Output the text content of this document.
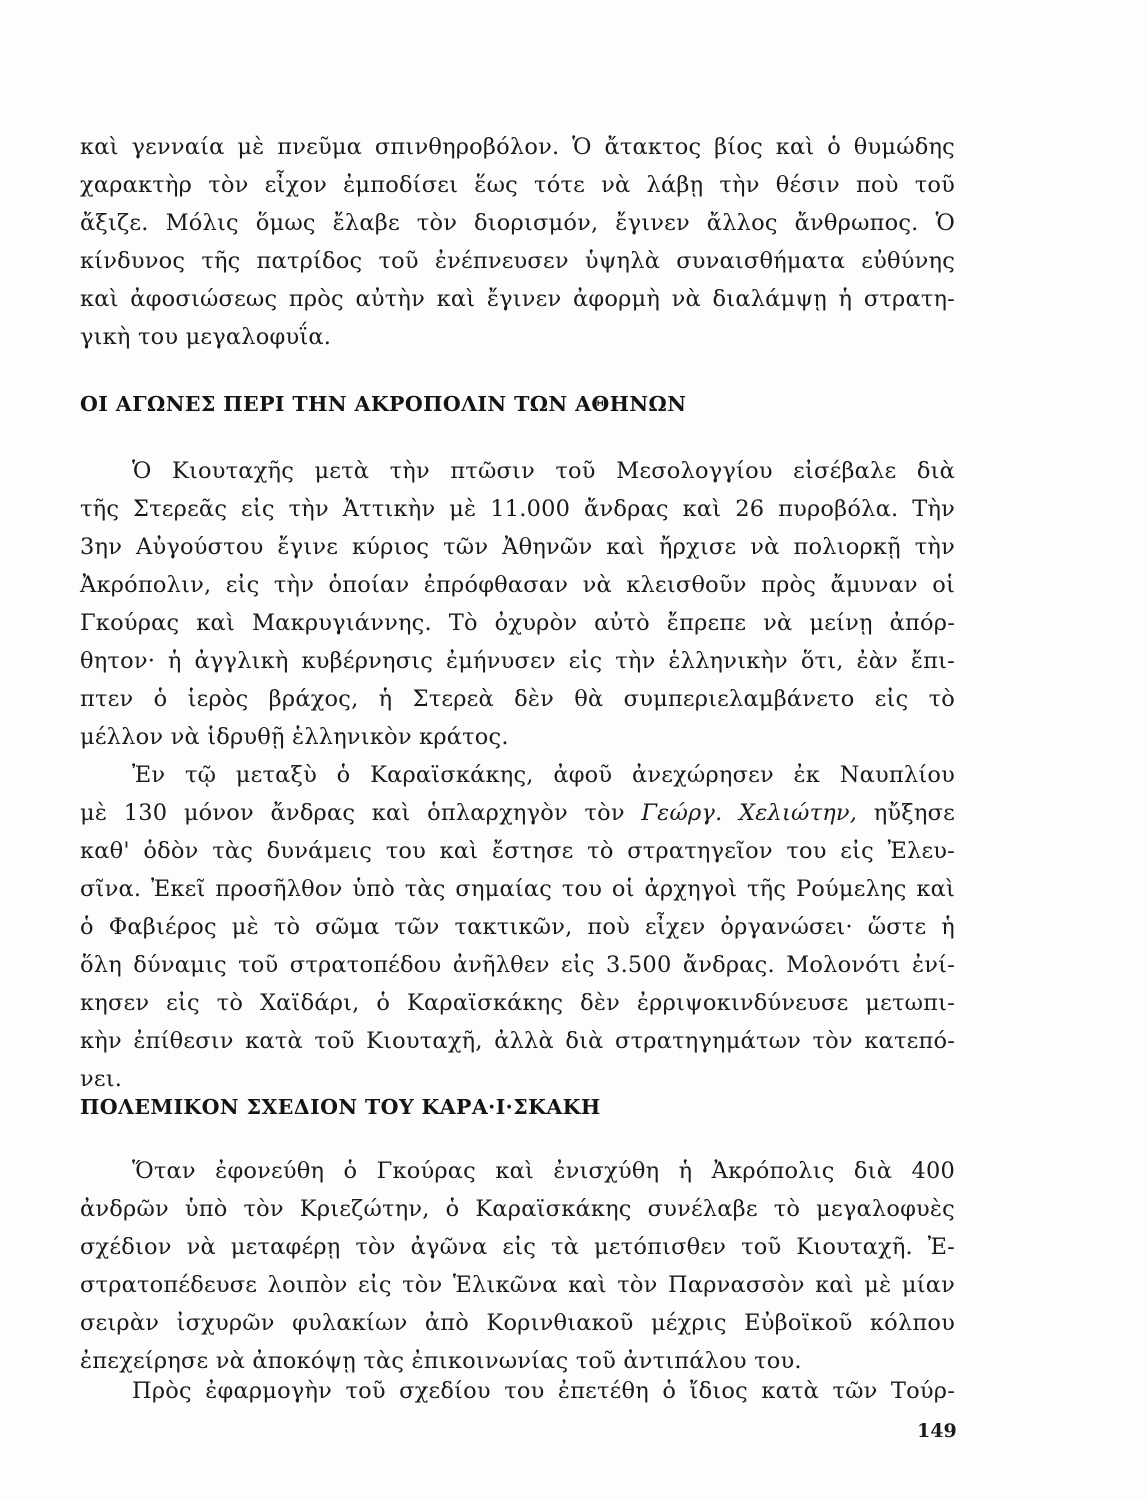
καὶ γενναία μὲ πνεῦμα σπινθηροβόλον. Ὁ ἄτακτος βίος καὶ ὁ θυμώδης
χαρακτὴρ τὸν εἶχον ἐμποδίσει ἕως τότε νὰ λάβῃ τὴν θέσιν ποὺ τοῦ
ἄξιζε. Μόλις ὅμως ἔλαβε τὸν διορισμόν, ἔγινεν ἄλλος ἄνθρωπος. Ὁ
κίνδυνος τῆς πατρίδος τοῦ ἐνέπνευσεν ὑψηλὰ συναισθήματα εὐθύνης
καὶ ἀφοσιώσεως πρὸς αὐτὴν καὶ ἔγινεν ἀφορμὴ νὰ διαλάμψῃ ἡ στρατη-
γικὴ του μεγαλοφυΐα.
ΟΙ ΑΓΩΝΕΣ ΠΕΡΙ ΤΗΝ ΑΚΡΟΠΟΛΙΝ ΤΩΝ ΑΘΗΝΩΝ
Ὁ Κιουταχῆς μετὰ τὴν πτῶσιν τοῦ Μεσολογγίου εἰσέβαλε διὰ
τῆς Στερεᾶς εἰς τὴν Ἀττικὴν μὲ 11.000 ἄνδρας καὶ 26 πυροβόλα. Τὴν
3ην Αὐγούστου ἔγινε κύριος τῶν Ἀθηνῶν καὶ ἤρχισε νὰ πολιορκῇ τὴν
Ἀκρόπολιν, εἰς τὴν ὁποίαν ἐπρόφθασαν νὰ κλεισθοῦν πρὸς ἄμυναν οἱ
Γκούρας καὶ Μακρυγιάννης. Τὸ ὀχυρὸν αὐτὸ ἔπρεπε νὰ μείνῃ ἀπόρ-
θητον· ἡ ἀγγλικὴ κυβέρνησις ἐμήνυσεν εἰς τὴν ἑλληνικὴν ὅτι, ἐὰν ἔπι-
πτεν ὁ ἱερὸς βράχος, ἡ Στερεὰ δὲν θὰ συμπεριελαμβάνετο εἰς τὸ
μέλλον νὰ ἱδρυθῇ ἑλληνικὸν κράτος.
Ἐν τῷ μεταξὺ ὁ Καραϊσκάκης, ἀφοῦ ἀνεχώρησεν ἐκ Ναυπλίου
μὲ 130 μόνον ἄνδρας καὶ ὁπλαρχηγὸν τὸν Γεώργ. Χελιώτην, ηὔξησε
καθ' ὁδὸν τὰς δυνάμεις του καὶ ἔστησε τὸ στρατηγεῖον του εἰς Ἐλευ-
σῖνα. Ἐκεῖ προσῆλθον ὑπὸ τὰς σημαίας του οἱ ἀρχηγοὶ τῆς Ρούμελης καὶ
ὁ Φαβιέρος μὲ τὸ σῶμα τῶν τακτικῶν, ποὺ εἶχεν ὀργανώσει· ὥστε ἡ
ὅλη δύναμις τοῦ στρατοπέδου ἀνῆλθεν εἰς 3.500 ἄνδρας. Μολονότι ἐνί-
κησεν εἰς τὸ Χαϊδάρι, ὁ Καραϊσκάκης δὲν ἐρριψοκινδύνευσε μετωπι-
κὴν ἐπίθεσιν κατὰ τοῦ Κιουταχῆ, ἀλλὰ διὰ στρατηγημάτων τὸν κατεπό-
νει.
ΠΟΛΕΜΙΚΟΝ ΣΧΕΔΙΟΝ ΤΟΥ ΚΑΡΑ·Ι·ΣΚΑΚΗ
Ὅταν ἐφονεύθη ὁ Γκούρας καὶ ἐνισχύθη ἡ Ἀκρόπολις διὰ 400
ἀνδρῶν ὑπὸ τὸν Κριεζώτην, ὁ Καραϊσκάκης συνέλαβε τὸ μεγαλοφυὲς
σχέδιον νὰ μεταφέρῃ τὸν ἀγῶνα εἰς τὰ μετόπισθεν τοῦ Κιουταχῆ. Ἐ-
στρατοπέδευσε λοιπὸν εἰς τὸν Ἑλικῶνα καὶ τὸν Παρνασσὸν καὶ μὲ μίαν
σειρὰν ἰσχυρῶν φυλακίων ἀπὸ Κορινθιακοῦ μέχρις Εὐβοϊκοῦ κόλπου
ἐπεχείρησε νὰ ἀποκόψῃ τὰς ἐπικοινωνίας τοῦ ἀντιπάλου του.
Πρὸς ἐφαρμογὴν τοῦ σχεδίου του ἐπετέθη ὁ ἴδιος κατὰ τῶν Τούρ-
149
